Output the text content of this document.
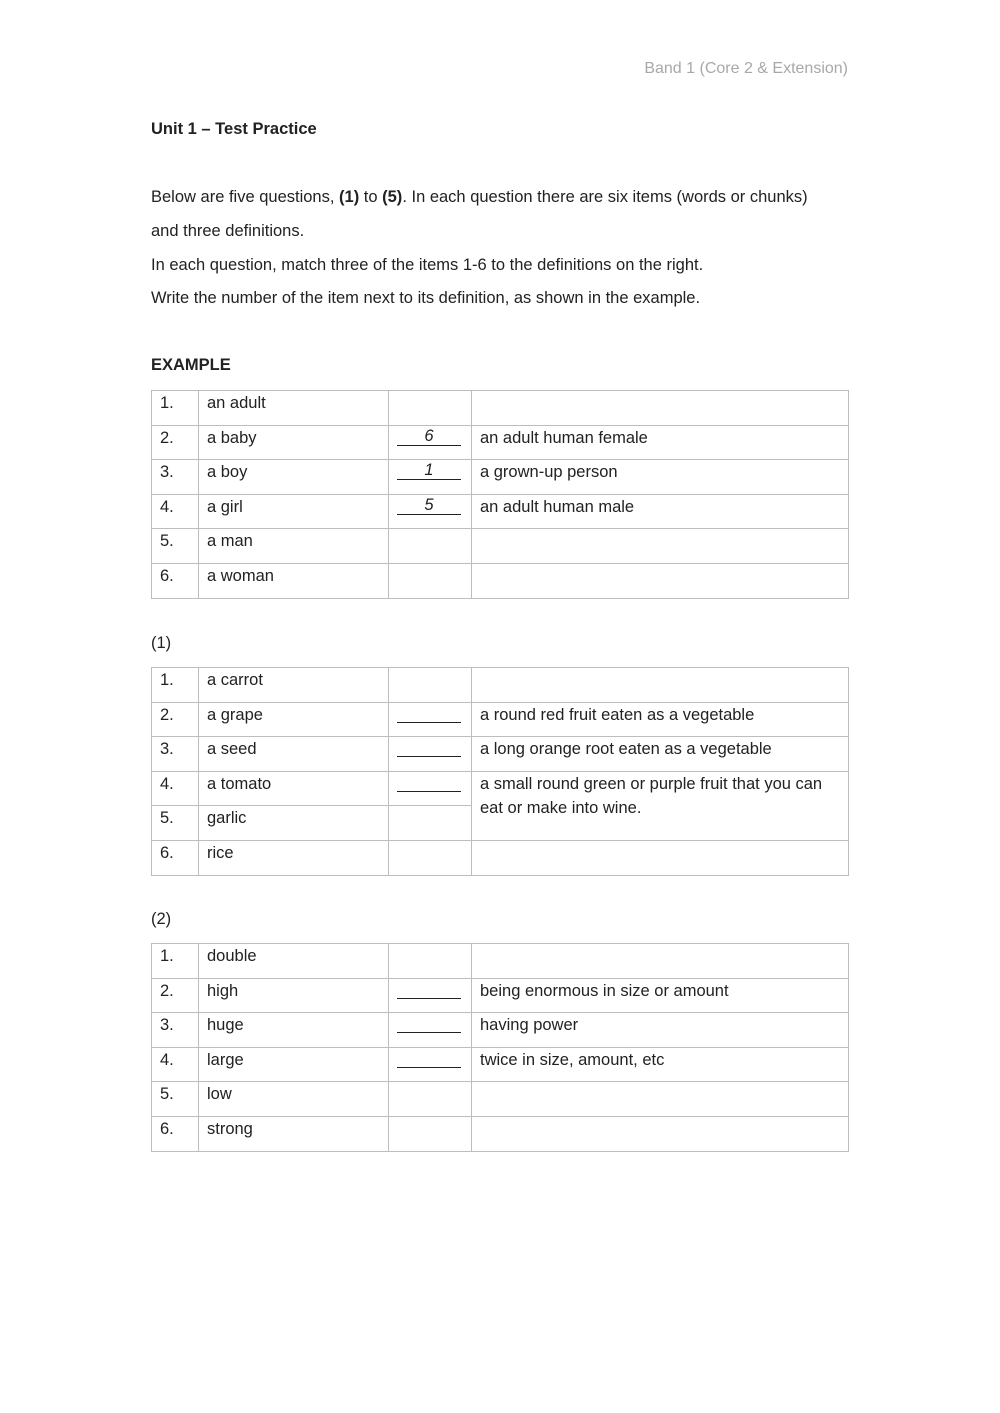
Band 1 (Core 2 & Extension)
Unit 1 – Test Practice
Below are five questions, (1) to (5). In each question there are six items (words or chunks)
and three definitions.
In each question, match three of the items 1-6 to the definitions on the right.
Write the number of the item next to its definition, as shown in the example.
EXAMPLE
1.	an adult		
2.	a baby	6	an adult human female
3.	a boy	1	a grown-up person
4.	a girl	5	an adult human male
5.	a man		
6.	a woman		
(1)
1.	a carrot		
2.	a grape		a round red fruit eaten as a vegetable
3.	a seed		a long orange root eaten as a vegetable
4.	a tomato		a small round green or purple fruit that you can
eat or make into wine.
5.	garlic		
6.	rice		
(2)
1.	double		
2.	high		being enormous in size or amount
3.	huge		having power
4.	large		twice in size, amount, etc
5.	low		
6.	strong		
